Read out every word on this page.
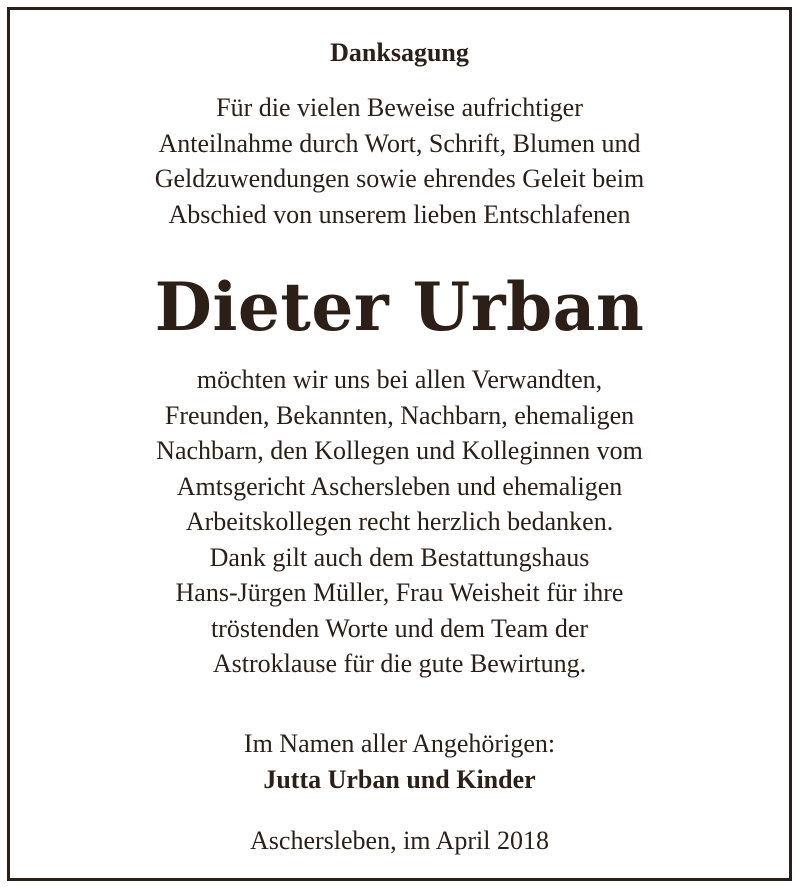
Danksagung
Für die vielen Beweise aufrichtiger
Anteilnahme durch Wort, Schrift, Blumen und
Geldzuwendungen sowie ehrendes Geleit beim
Abschied von unserem lieben Entschlafenen
Dieter Urban
möchten wir uns bei allen Verwandten,
Freunden, Bekannten, Nachbarn, ehemaligen
Nachbarn, den Kollegen und Kolleginnen vom
Amtsgericht Aschersleben und ehemaligen
Arbeitskollegen recht herzlich bedanken.
Dank gilt auch dem Bestattungshaus
Hans-Jürgen Müller, Frau Weisheit für ihre
tröstenden Worte und dem Team der
Astroklause für die gute Bewirtung.
Im Namen aller Angehörigen:
Jutta Urban und Kinder
Aschersleben, im April 2018
